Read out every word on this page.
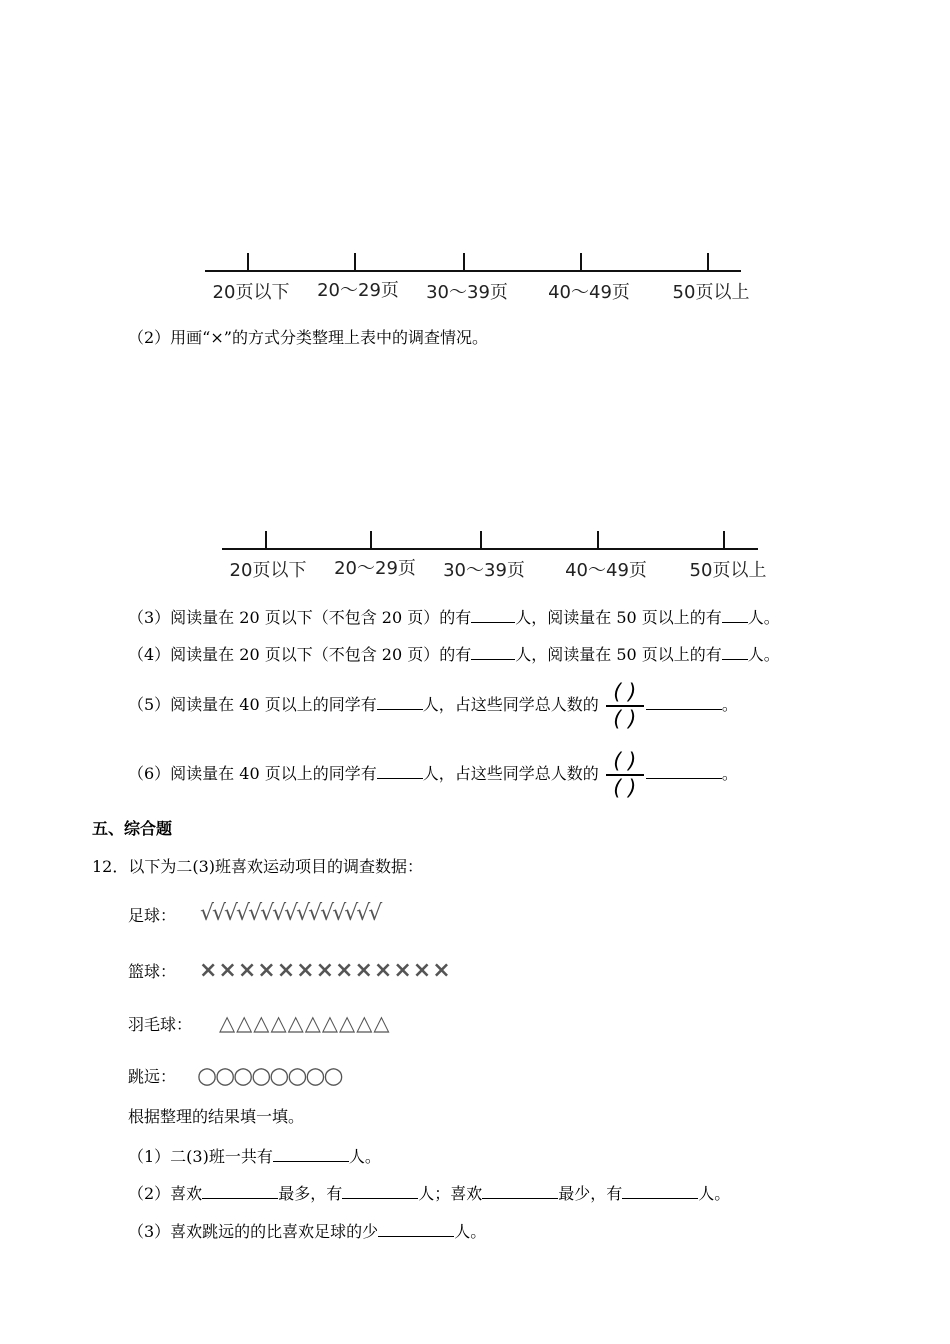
20页以下 20～29页 30～39页 40～49页 50页以上
（2）用画“×”的方式分类整理上表中的调查情况。
20页以下 20～29页 30～39页 40～49页 50页以上
（3）阅读量在 20 页以下（不包含 20 页）的有	人，阅读量在 50 页以上的有 人。
（4）阅读量在 20 页以下（不包含 20 页）的有	人，阅读量在 50 页以上的有 人。
（5）阅读量在 40 页以上的同学有	人，占这些同学总人数的 $\frac{( )}{( )}$	。
（6）阅读量在 40 页以上的同学有	人，占这些同学总人数的 $\frac{( )}{( )}$	。
五、综合题
12．以下为二(3)班喜欢运动项目的调查数据：
足球： √√√√√√√√√√√√√√√
篮球： ×××××××××××××
羽毛球： △△△△△△△△△△
跳远： ○○○○○○○○
根据整理的结果填一填。
（1）二(3)班一共有	人。
（2）喜欢	最多，有	人；喜欢	最少，有	人。
（3）喜欢跳远的的比喜欢足球的少	人。
